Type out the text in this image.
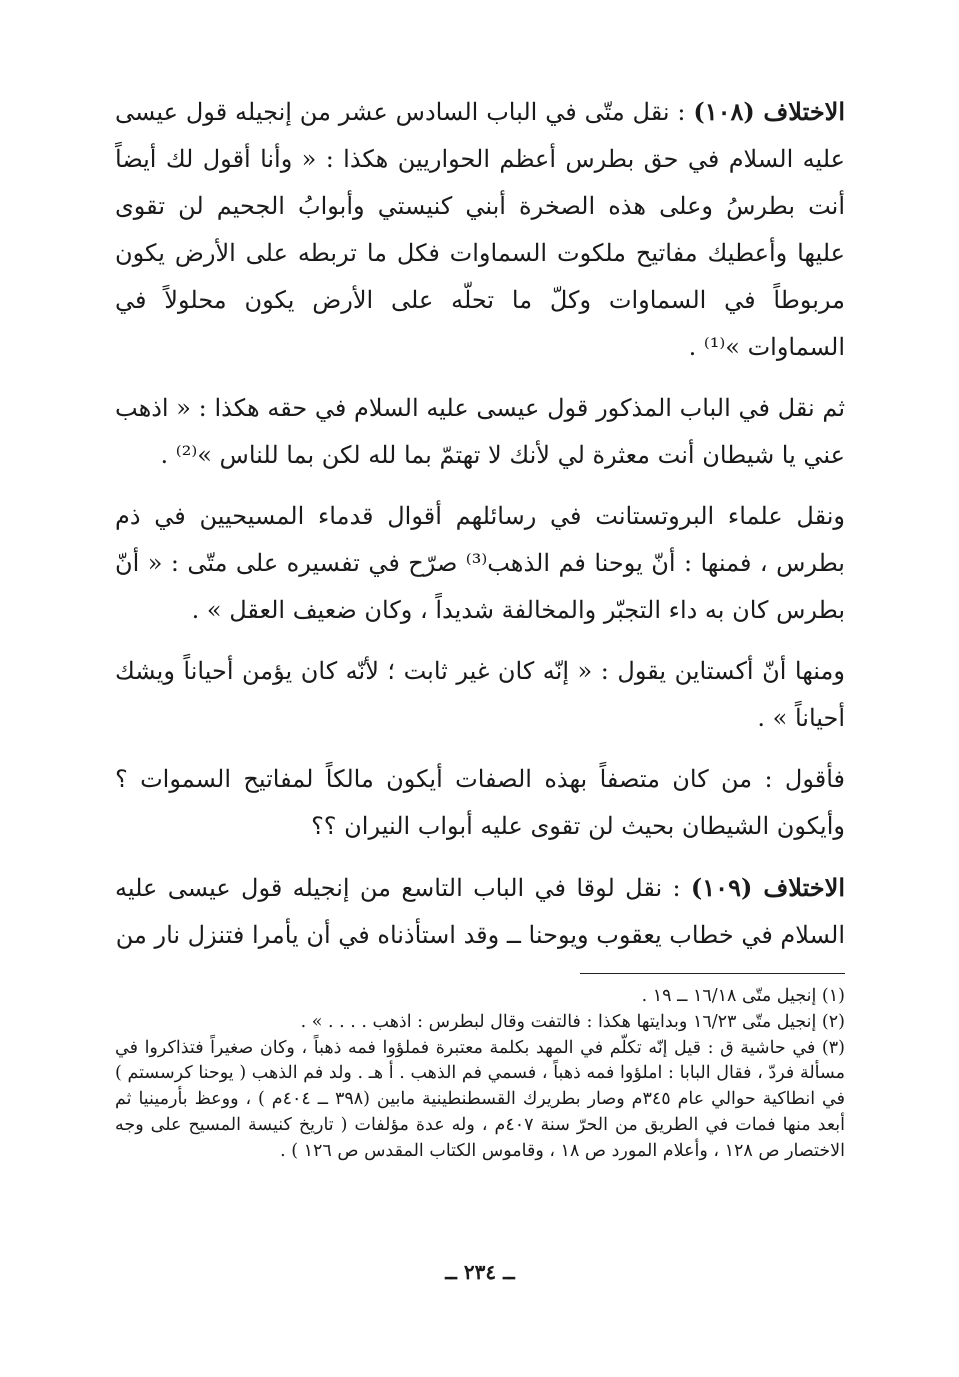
الاختلاف (١٠٨) : نقل متّى في الباب السادس عشر من إنجيله قول عيسى عليه السلام في حق بطرس أعظم الحواريين هكذا : « وأنا أقول لك أيضاً أنت بطرسُ وعلى هذه الصخرة أبني كنيستي وأبوابُ الجحيم لن تقوى عليها وأعطيك مفاتيح ملكوت السماوات فكل ما تربطه على الأرض يكون مربوطاً في السماوات وكلّ ما تحلّه على الأرض يكون محلولاً في السماوات »⁽¹⁾ .

ثم نقل في الباب المذكور قول عيسى عليه السلام في حقه هكذا : « اذهب عني يا شيطان أنت معثرة لي لأنك لا تهتمّ بما لله لكن بما للناس »⁽²⁾ .

ونقل علماء البروتستانت في رسائلهم أقوال قدماء المسيحيين في ذم بطرس ، فمنها : أنّ يوحنا فم الذهب⁽³⁾ صرّح في تفسيره على متّى : « أنّ بطرس كان به داء التجبّر والمخالفة شديداً ، وكان ضعيف العقل » .

ومنها أنّ أكستاين يقول : « إنّه كان غير ثابت ؛ لأنّه كان يؤمن أحياناً ويشك أحياناً » .

فأقول : من كان متصفاً بهذه الصفات أيكون مالكاً لمفاتيح السموات ؟ وأيكون الشيطان بحيث لن تقوى عليه أبواب النيران ؟؟

الاختلاف (١٠٩) : نقل لوقا في الباب التاسع من إنجيله قول عيسى عليه السلام في خطاب يعقوب ويوحنا ــ وقد استأذناه في أن يأمرا فتنزل نار من

(١) إنجيل متّى ١٦/١٨ ــ ١٩ .

(٢) إنجيل متّى ١٦/٢٣ وبدايتها هكذا : فالتفت وقال لبطرس : اذهب . . . . » .

(٣) في حاشية ق : قيل إنّه تكلّم في المهد بكلمة معتبرة فملؤوا فمه ذهباً ، وكان صغيراً فتذاكروا في مسألة فردّ ، فقال البابا : املؤوا فمه ذهباً ، فسمي فم الذهب . أ هـ . ولد فم الذهب ( يوحنا كرسستم ) في انطاكية حوالي عام ٣٤٥م وصار بطريرك القسطنطينية مابين (٣٩٨ ــ ٤٠٤م ) ، ووعظ بأرمينيا ثم أبعد منها فمات في الطريق من الحرّ سنة ٤٠٧م ، وله عدة مؤلفات ( تاريخ كنيسة المسيح على وجه الاختصار ص ١٢٨ ، وأعلام المورد ص ١٨ ، وقاموس الكتاب المقدس ص ١٢٦ ) .

ــ ٢٣٤ ــ
